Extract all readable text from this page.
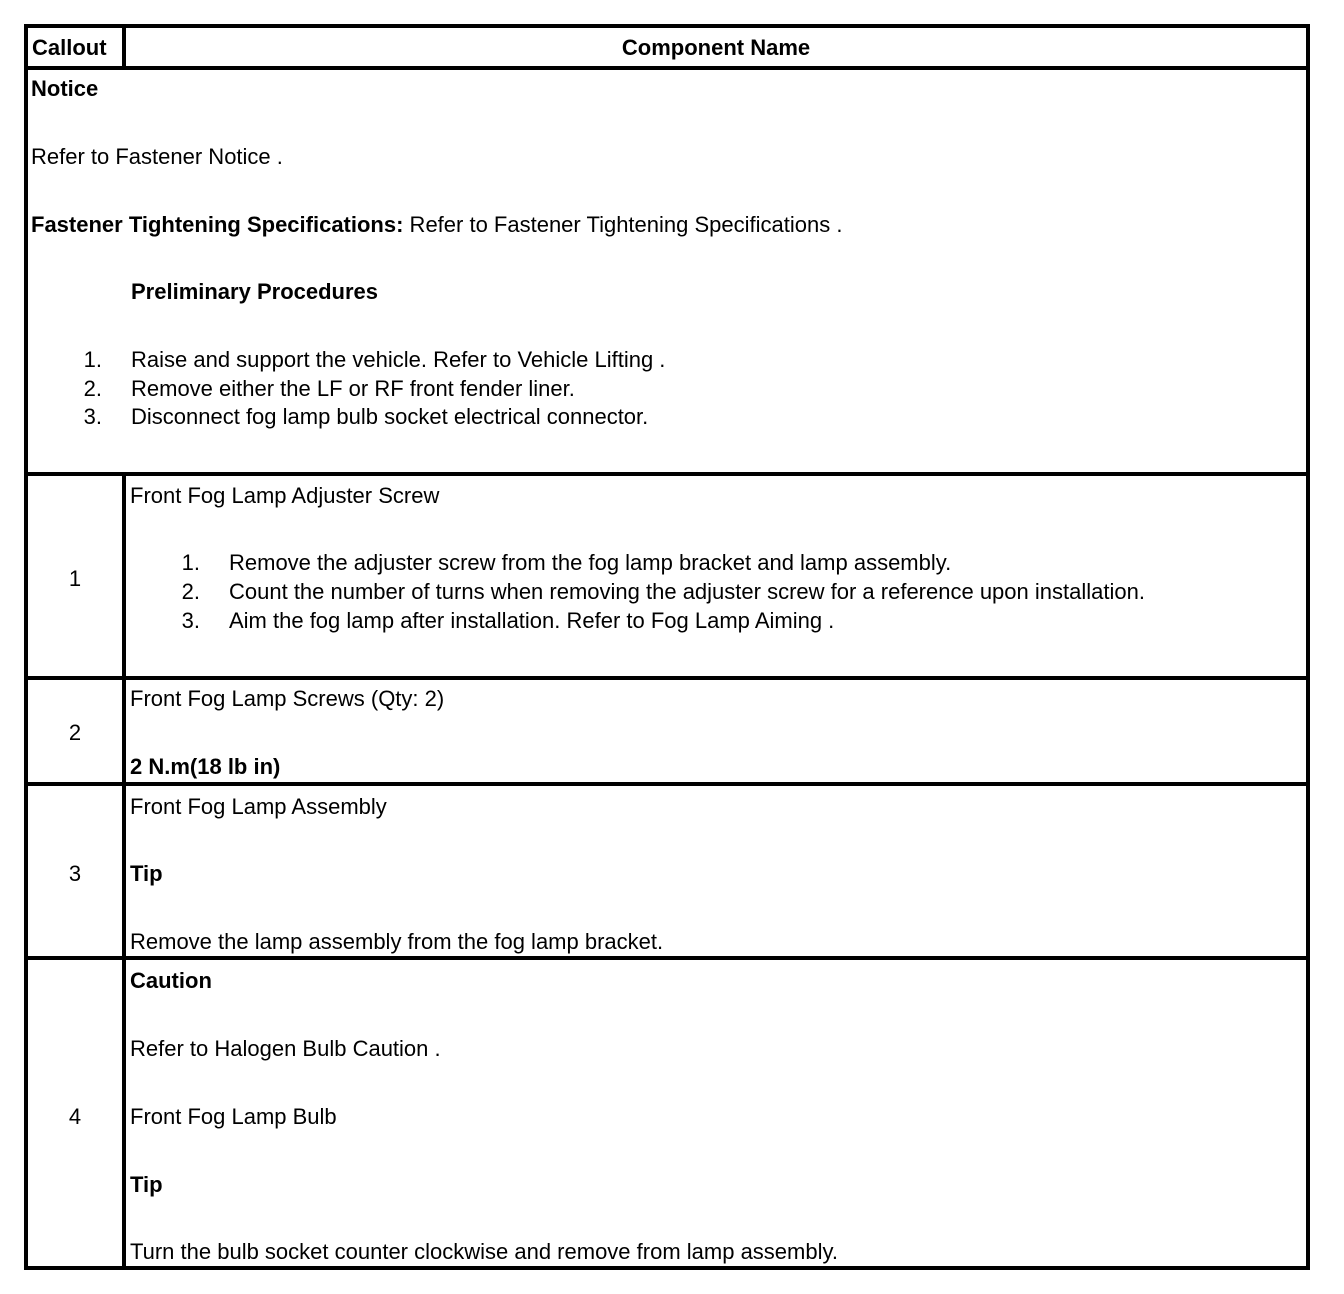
Callout	Component Name
Notice
Refer to Fastener Notice .
Fastener Tightening Specifications: Refer to Fastener Tightening Specifications .
Preliminary Procedures
1. Raise and support the vehicle. Refer to Vehicle Lifting .
2. Remove either the LF or RF front fender liner.
3. Disconnect fog lamp bulb socket electrical connector.
1
Front Fog Lamp Adjuster Screw
1. Remove the adjuster screw from the fog lamp bracket and lamp assembly.
2. Count the number of turns when removing the adjuster screw for a reference upon installation.
3. Aim the fog lamp after installation. Refer to Fog Lamp Aiming .
2
Front Fog Lamp Screws (Qty: 2)
2 N.m(18 lb in)
3
Front Fog Lamp Assembly
Tip
Remove the lamp assembly from the fog lamp bracket.
4
Caution
Refer to Halogen Bulb Caution .
Front Fog Lamp Bulb
Tip
Turn the bulb socket counter clockwise and remove from lamp assembly.
